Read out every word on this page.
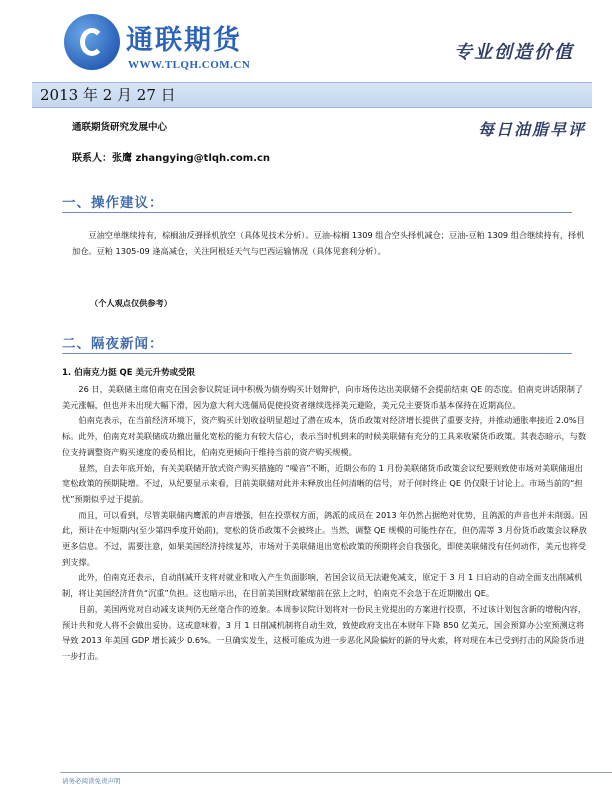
通联期货
WWW.TLQH.COM.CN
专业创造价值
2013 年 2 月 27 日
通联期货研究发展中心	每日油脂早评
联系人：张鹰 zhangying@tlqh.com.cn
一、操作建议：

豆油空单继续持有，棕榈油反弹择机放空（具体见技术分析）。豆油-棕榈 1309 组合空头择机减仓；豆油-豆粕 1309 组合继续持有，择机加仓。豆粕 1305-09 逢高减仓，关注阿根廷天气与巴西运输情况（具体见套利分析）。

（个人观点仅供参考）
二、隔夜新闻：
1. 伯南克力挺 QE 美元升势或受限

26 日，美联储主席伯南克在国会参议院证词中积极为债券购买计划辩护，向市场传达出美联储不会提前结束 QE 的态度。伯南克讲话限制了美元涨幅，但也并未出现大幅下滑，因为意大利大选僵局促使投资者继续选择美元避险，美元兑主要货币基本保持在近期高位。

伯南克表示，在当前经济环境下，资产购买计划收益明显超过了潜在成本，货币政策对经济增长提供了重要支持，并推动通胀率接近 2.0%目标。此外，伯南克对美联储成功撤出量化宽松的能力有较大信心，表示当时机到来的时候美联储有充分的工具来收紧货币政策。其表态暗示，与数位支持调整资产购买速度的委员相比，伯南克更倾向于维持当前的资产购买规模。

显然，自去年底开始，有关美联储开放式资产购买措施的 “噪音”不断，近期公布的 1 月份美联储货币政策会议纪要则致使市场对美联储退出宽松政策的预期陡增。不过，从纪要显示来看，目前美联储对此并未释放出任何清晰的信号，对于何时终止 QE 仍仅限于讨论上。市场当前的“担忧”预期似乎过于提前。

而且，可以看到，尽管美联储内鹰派的声音增强，但在投票权方面，鸽派的成员在 2013 年仍然占据绝对优势，且鸽派的声音也并未削弱。因此，预计在中短期内(至少第四季度开始前)，宽松的货币政策不会被终止。当然，调整 QE 规模的可能性存在，但仍需等 3 月份货币政策会议释放更多信息。不过，需要注意，如果美国经济持续复苏，市场对于美联储退出宽松政策的预期将会自我强化，即使美联储没有任何动作，美元也将受到支撑。

此外，伯南克还表示，自动削减开支将对就业和收入产生负面影响，若国会议员无法避免减支，原定于 3 月 1 日启动的自动全面支出削减机制，将让美国经济背负“沉重”负担。这也暗示出，在目前美国财政紧缩前在弦上之时，伯南克不会急于在近期撤出 QE。

目前，美国两党对自动减支谈判仍无丝毫合作的迹象。本周参议院计划将对一份民主党提出的方案进行投票，不过该计划包含新的增税内容，预计共和党人将不会做出妥协。这或意味着，3 月 1 日削减机制将自动生效，致使政府支出在本财年下降 850 亿美元，国会预算办公室预测这将导致 2013 年美国 GDP 增长减少 0.6%。一旦确实发生，这极可能成为进一步恶化风险偏好的新的导火索，将对现在本已受到打击的风险货币进一步打击。

请务必阅读免责声明
